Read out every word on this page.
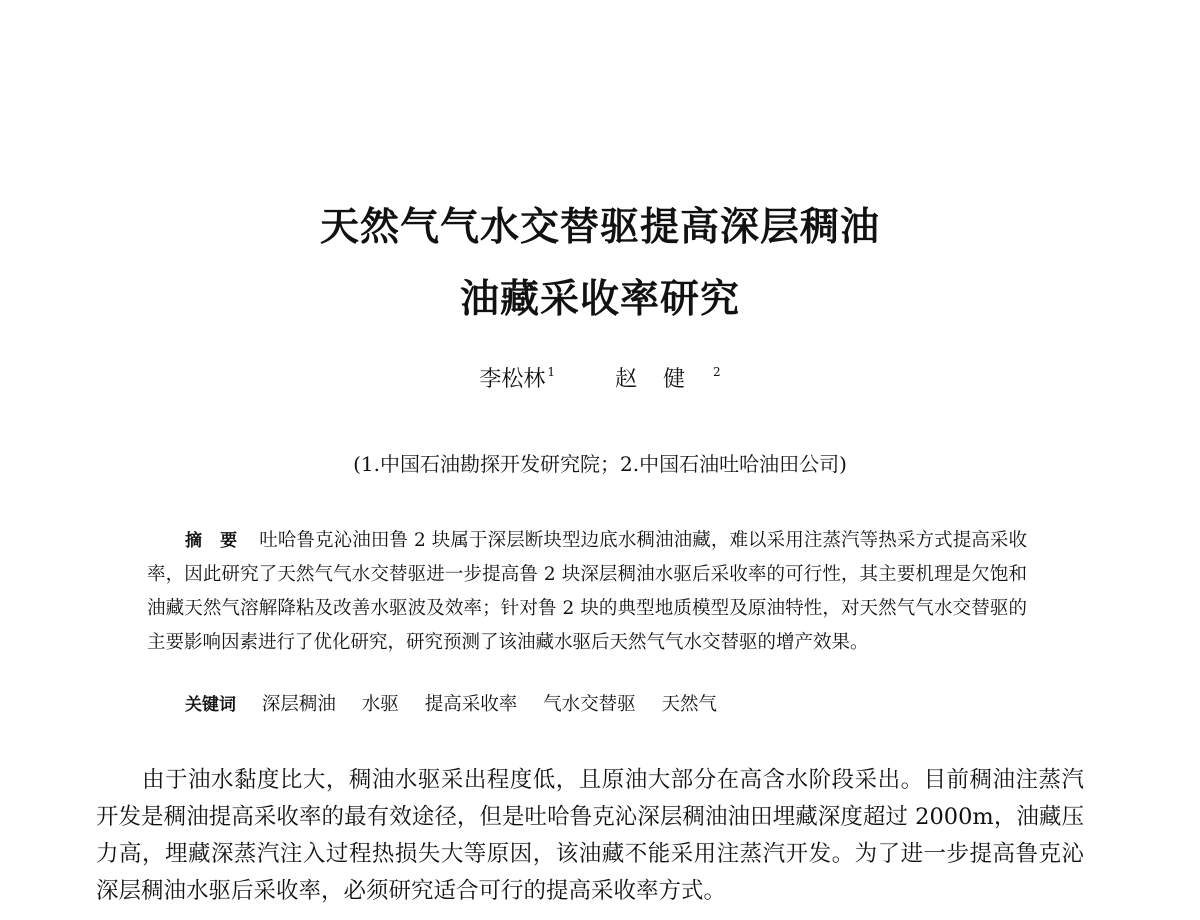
天然气气水交替驱提高深层稠油
油藏采收率研究
李松林 $^1$	赵健 $^2$
(1.中国石油勘探开发研究院；2.中国石油吐哈油田公司)
摘要 吐哈鲁克沁油田鲁 2 块属于深层断块型边底水稠油油藏，难以采用注蒸汽等热采方式提高采收率，因此研究了天然气气水交替驱进一步提高鲁 2 块深层稠油水驱后采收率的可行性，其主要机理是欠饱和油藏天然气溶解降粘及改善水驱波及效率；针对鲁 2 块的典型地质模型及原油特性，对天然气气水交替驱的主要影响因素进行了优化研究，研究预测了该油藏水驱后天然气气水交替驱的增产效果。
关键词 深层稠油 水驱 提高采收率 气水交替驱 天然气
由于油水黏度比大，稠油水驱采出程度低，且原油大部分在高含水阶段采出。目前稠油注蒸汽开发是稠油提高采收率的最有效途径，但是吐哈鲁克沁深层稠油油田埋藏深度超过 2000m，油藏压力高，埋藏深蒸汽注入过程热损失大等原因，该油藏不能采用注蒸汽开发。为了进一步提高鲁克沁深层稠油水驱后采收率，必须研究适合可行的提高采收率方式。
